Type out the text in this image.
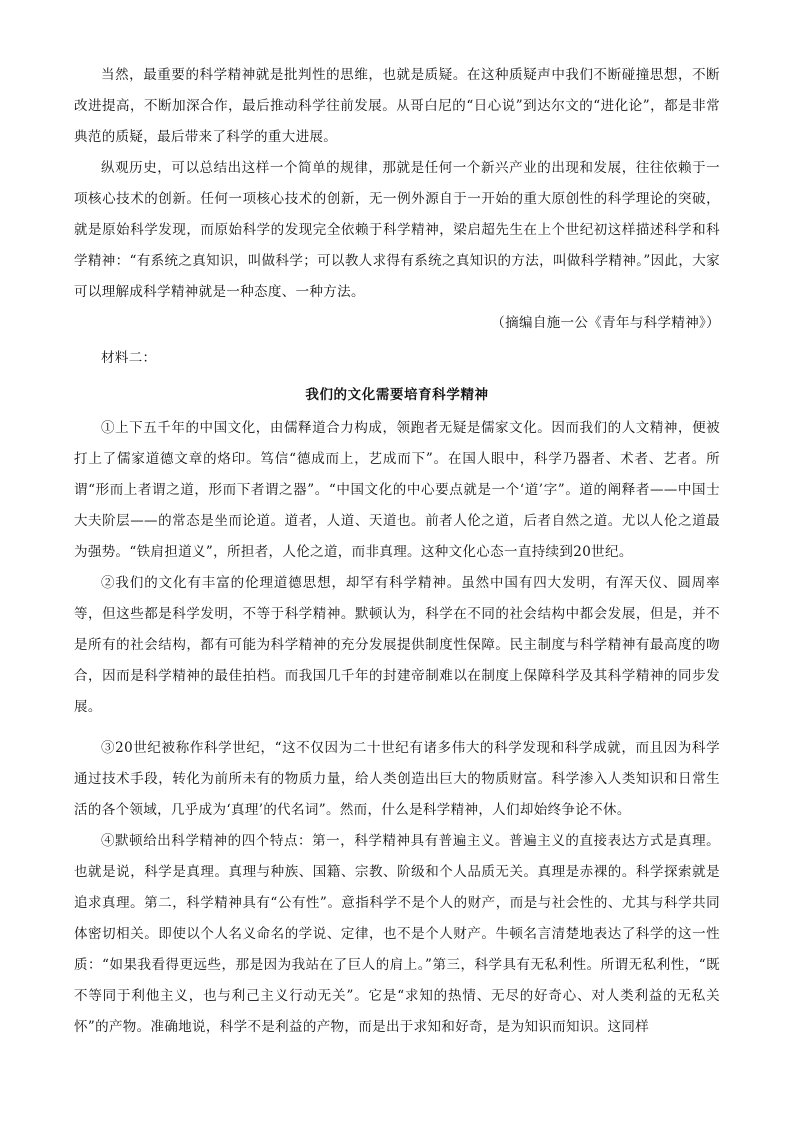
当然，最重要的科学精神就是批判性的思维，也就是质疑。在这种质疑声中我们不断碰撞思想，不断改进提高，不断加深合作，最后推动科学往前发展。从哥白尼的“日心说”到达尔文的“进化论”，都是非常典范的质疑，最后带来了科学的重大进展。

纵观历史，可以总结出这样一个简单的规律，那就是任何一个新兴产业的出现和发展，往往依赖于一项核心技术的创新。任何一项核心技术的创新，无一例外源自于一开始的重大原创性的科学理论的突破，就是原始科学发现，而原始科学的发现完全依赖于科学精神，梁启超先生在上个世纪初这样描述科学和科学精神：“有系统之真知识，叫做科学；可以教人求得有系统之真知识的方法，叫做科学精神。”因此，大家可以理解成科学精神就是一种态度、一种方法。

（摘编自施一公《青年与科学精神》）

材料二：

我们的文化需要培育科学精神

①上下五千年的中国文化，由儒释道合力构成，领跑者无疑是儒家文化。因而我们的人文精神，便被打上了儒家道德文章的烙印。笃信“德成而上，艺成而下”。在国人眼中，科学乃器者、术者、艺者。所谓“形而上者谓之道，形而下者谓之器”。“中国文化的中心要点就是一个‘道’字”。道的阐释者——中国士大夫阶层——的常态是坐而论道。道者，人道、天道也。前者人伦之道，后者自然之道。尤以人伦之道最为强势。“铁肩担道义”，所担者，人伦之道，而非真理。这种文化心态一直持续到20世纪。

②我们的文化有丰富的伦理道德思想，却罕有科学精神。虽然中国有四大发明，有浑天仪、圆周率等，但这些都是科学发明，不等于科学精神。默顿认为，科学在不同的社会结构中都会发展，但是，并不是所有的社会结构，都有可能为科学精神的充分发展提供制度性保障。民主制度与科学精神有最高度的吻合，因而是科学精神的最佳拍档。而我国几千年的封建帝制难以在制度上保障科学及其科学精神的同步发展。

③20世纪被称作科学世纪，“这不仅因为二十世纪有诸多伟大的科学发现和科学成就，而且因为科学通过技术手段，转化为前所未有的物质力量，给人类创造出巨大的物质财富。科学渗入人类知识和日常生活的各个领域，几乎成为‘真理’的代名词”。然而，什么是科学精神，人们却始终争论不休。

④默顿给出科学精神的四个特点：第一，科学精神具有普遍主义。普遍主义的直接表达方式是真理。也就是说，科学是真理。真理与种族、国籍、宗教、阶级和个人品质无关。真理是赤裸的。科学探索就是追求真理。第二，科学精神具有“公有性”。意指科学不是个人的财产，而是与社会性的、尤其与科学共同体密切相关。即使以个人名义命名的学说、定律，也不是个人财产。牛顿名言清楚地表达了科学的这一性质：“如果我看得更远些，那是因为我站在了巨人的肩上。”第三，科学具有无私利性。所谓无私利性，“既不等同于利他主义，也与利己主义行动无关”。它是“求知的热情、无尽的好奇心、对人类利益的无私关怀”的产物。准确地说，科学不是利益的产物，而是出于求知和好奇，是为知识而知识。这同样
